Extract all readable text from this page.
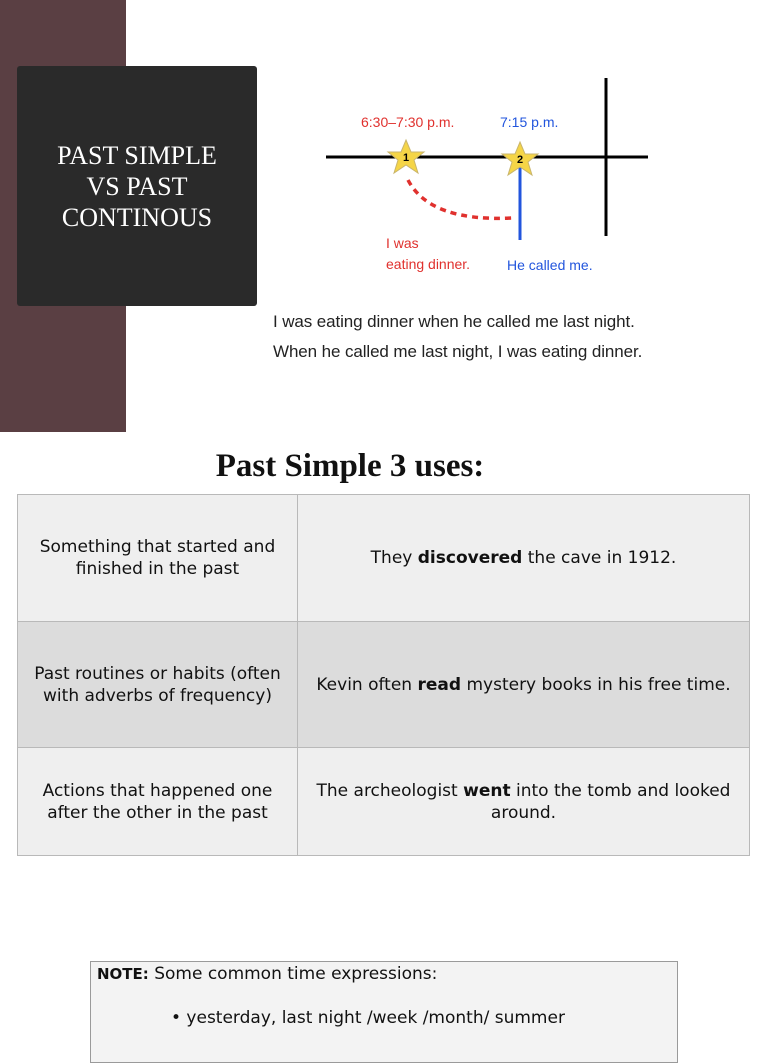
PAST SIMPLE
VS PAST
CONTINOUS
1	2
6:30–7:30 p.m.	7:15 p.m.
I was
eating dinner.	He called me.
I was eating dinner when he called me last night.
When he called me last night, I was eating dinner.
Past Simple 3 uses:
Something that started and finished in the past	They discovered the cave in 1912.
Past routines or habits (often with adverbs of frequency)	Kevin often read mystery books in his free time.
Actions that happened one after the other in the past	The archeologist went into the tomb and looked around.
NOTE: Some common time expressions:
• yesterday, last night /week /month/ summer
